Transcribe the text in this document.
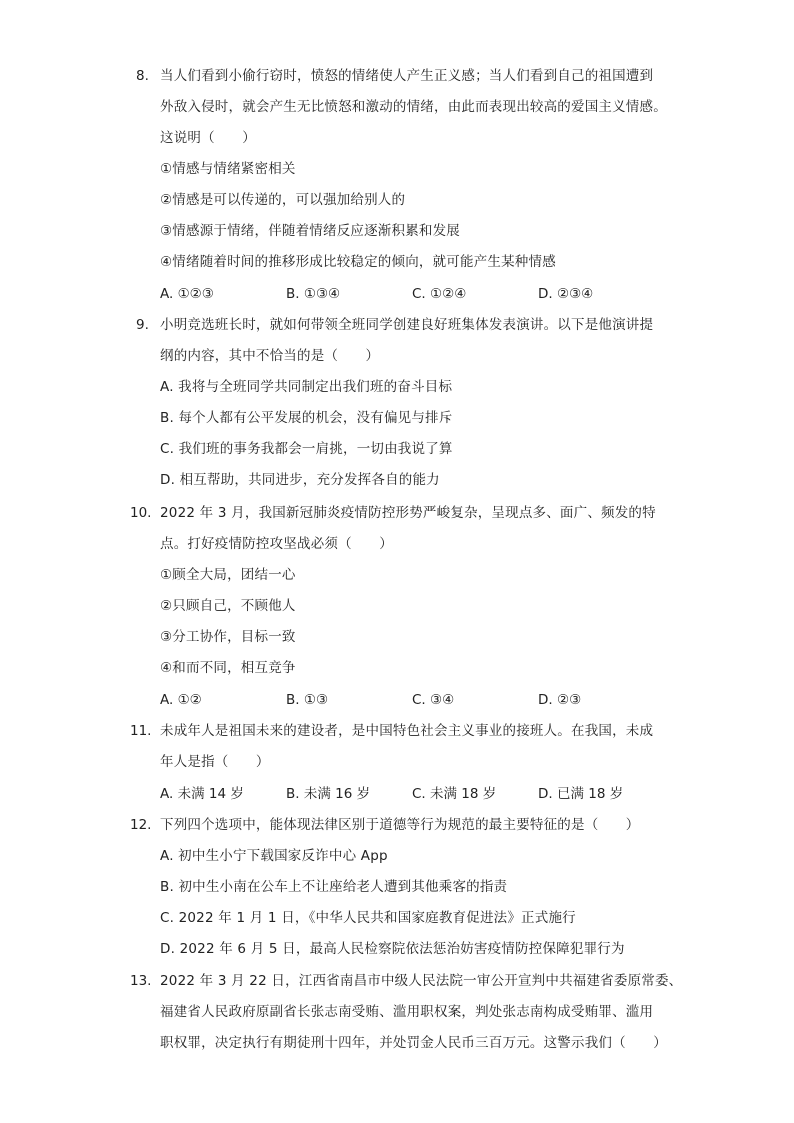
8. 当人们看到小偷行窃时，愤怒的情绪使人产生正义感；当人们看到自己的祖国遭到
外敌入侵时，就会产生无比愤怒和激动的情绪，由此而表现出较高的爱国主义情感。
这说明（　　）
①情感与情绪紧密相关
②情感是可以传递的，可以强加给别人的
③情感源于情绪，伴随着情绪反应逐渐积累和发展
④情绪随着时间的推移形成比较稳定的倾向，就可能产生某种情感
A. ①②③	B. ①③④	C. ①②④	D. ②③④
9. 小明竞选班长时，就如何带领全班同学创建良好班集体发表演讲。以下是他演讲提
纲的内容，其中不恰当的是（　　）
A. 我将与全班同学共同制定出我们班的奋斗目标
B. 每个人都有公平发展的机会，没有偏见与排斥
C. 我们班的事务我都会一肩挑，一切由我说了算
D. 相互帮助，共同进步，充分发挥各自的能力
10. 2022 年 3 月，我国新冠肺炎疫情防控形势严峻复杂，呈现点多、面广、频发的特
点。打好疫情防控攻坚战必须（　　）
①顾全大局，团结一心
②只顾自己，不顾他人
③分工协作，目标一致
④和而不同，相互竞争
A. ①②	B. ①③	C. ③④	D. ②③
11. 未成年人是祖国未来的建设者，是中国特色社会主义事业的接班人。在我国，未成
年人是指（　　）
A. 未满 14 岁	B. 未满 16 岁	C. 未满 18 岁	D. 已满 18 岁
12. 下列四个选项中，能体现法律区别于道德等行为规范的最主要特征的是（　　）
A. 初中生小宁下载国家反诈中心 App
B. 初中生小南在公车上不让座给老人遭到其他乘客的指责
C. 2022 年 1 月 1 日，《中华人民共和国家庭教育促进法》正式施行
D. 2022 年 6 月 5 日，最高人民检察院依法惩治妨害疫情防控保障犯罪行为
13. 2022 年 3 月 22 日，江西省南昌市中级人民法院一审公开宣判中共福建省委原常委、
福建省人民政府原副省长张志南受贿、滥用职权案，判处张志南构成受贿罪、滥用
职权罪，决定执行有期徒刑十四年，并处罚金人民币三百万元。这警示我们（　　）
